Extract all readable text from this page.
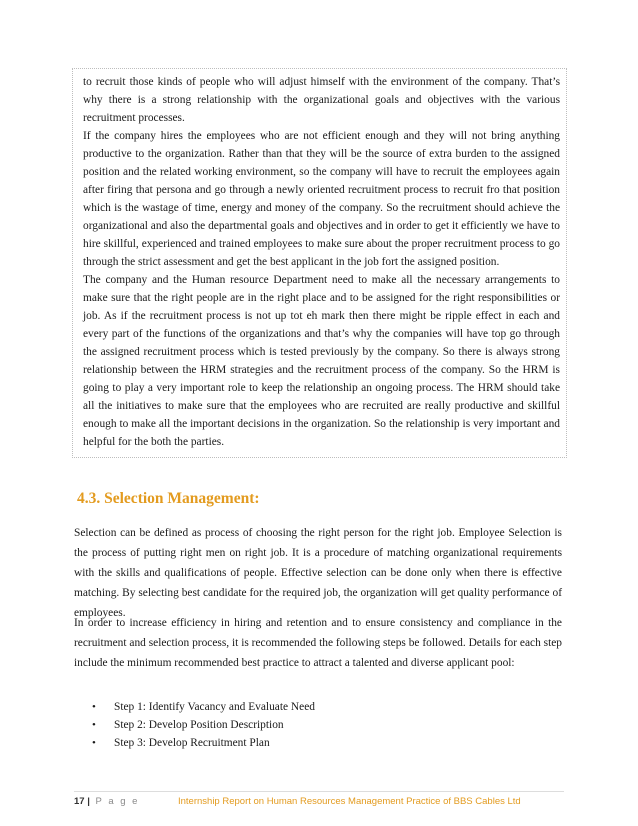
to recruit those kinds of people who will adjust himself with the environment of the company. That’s why there is a strong relationship with the organizational goals and objectives with the various recruitment processes.

If the company hires the employees who are not efficient enough and they will not bring anything productive to the organization. Rather than that they will be the source of extra burden to the assigned position and the related working environment, so the company will have to recruit the employees again after firing that persona and go through a newly oriented recruitment process to recruit fro that position which is the wastage of time, energy and money of the company. So the recruitment should achieve the organizational and also the departmental goals and objectives and in order to get it efficiently we have to hire skillful, experienced and trained employees to make sure about the proper recruitment process to go through the strict assessment and get the best applicant in the job fort the assigned position.

The company and the Human resource Department need to make all the necessary arrangements to make sure that the right people are in the right place and to be assigned for the right responsibilities or job. As if the recruitment process is not up tot eh mark then there might be ripple effect in each and every part of the functions of the organizations and that’s why the companies will have top go through the assigned recruitment process which is tested previously by the company. So there is always strong relationship between the HRM strategies and the recruitment process of the company. So the HRM is going to play a very important role to keep the relationship an ongoing process. The HRM should take all the initiatives to make sure that the employees who are recruited are really productive and skillful enough to make all the important decisions in the organization. So the relationship is very important and helpful for the both the parties.

4.3. Selection Management:

Selection can be defined as process of choosing the right person for the right job. Employee Selection is the process of putting right men on right job. It is a procedure of matching organizational requirements with the skills and qualifications of people. Effective selection can be done only when there is effective matching. By selecting best candidate for the required job, the organization will get quality performance of employees.

In order to increase efficiency in hiring and retention and to ensure consistency and compliance in the recruitment and selection process, it is recommended the following steps be followed. Details for each step include the minimum recommended best practice to attract a talented and diverse applicant pool:

• Step 1: Identify Vacancy and Evaluate Need
• Step 2: Develop Position Description
• Step 3: Develop Recruitment Plan
17 | P a g e	Internship Report on Human Resources Management Practice of BBS Cables Ltd
